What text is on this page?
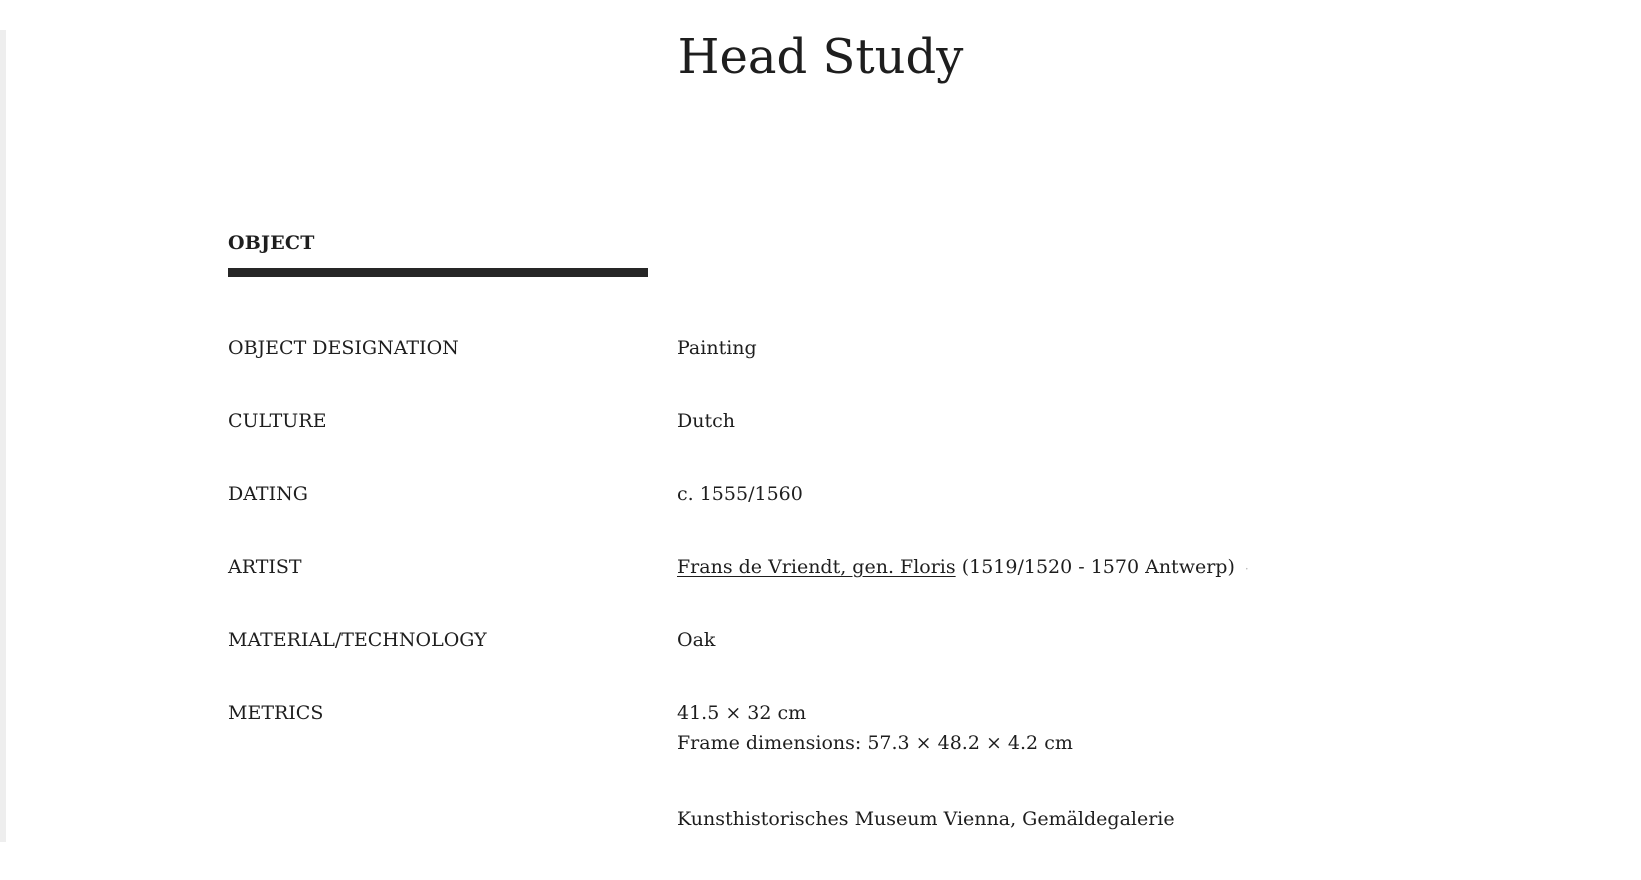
Head Study
OBJECT
OBJECT DESIGNATION	Painting
CULTURE	Dutch
DATING	c. 1555/1560
ARTIST	Frans de Vriendt, gen. Floris (1519/1520 - 1570 Antwerp) ·
MATERIAL/TECHNOLOGY	Oak
METRICS	41.5 × 32 cm
Frame dimensions: 57.3 × 48.2 × 4.2 cm
Kunsthistorisches Museum Vienna, Gemäldegalerie
